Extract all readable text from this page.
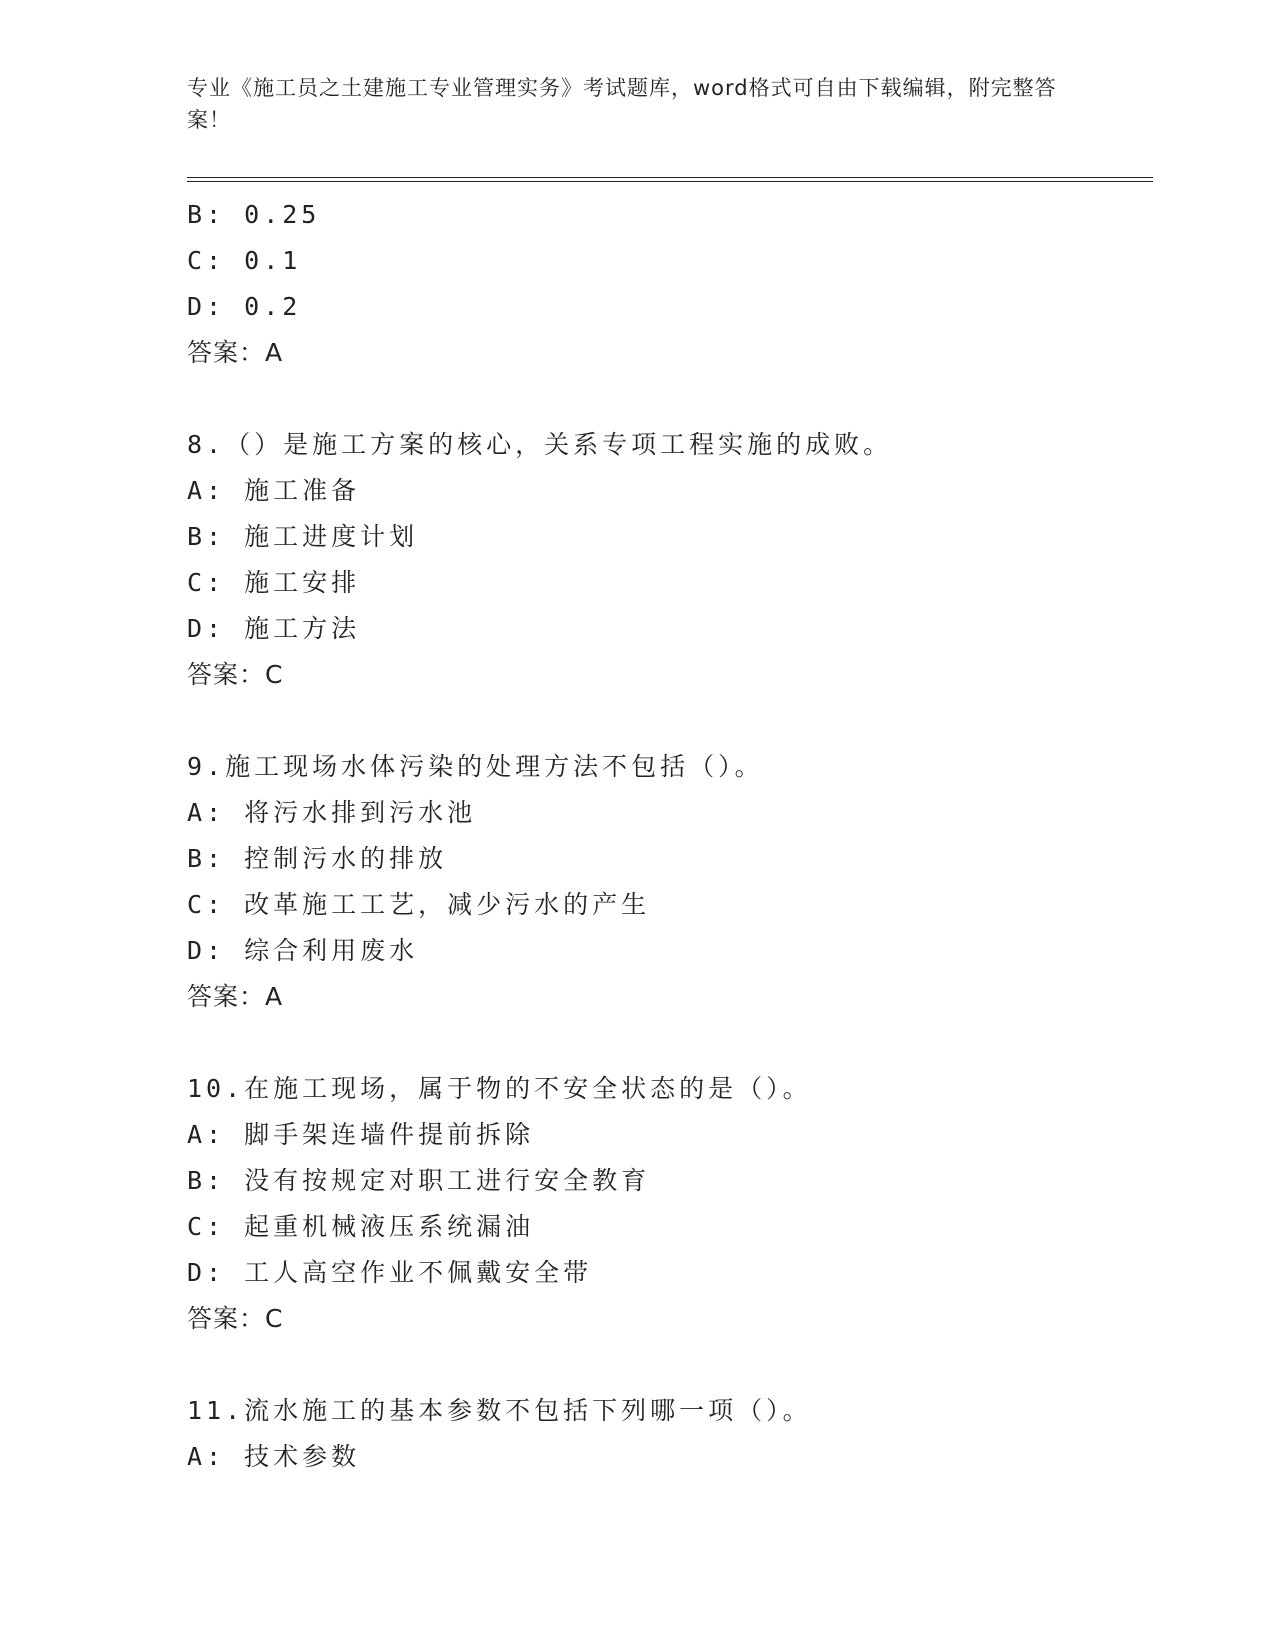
专业《施工员之土建施工专业管理实务》考试题库，word格式可自由下载编辑，附完整答案！
B: 0.25
C: 0.1
D: 0.2
答案：A
8.（）是施工方案的核心，关系专项工程实施的成败。
A: 施工准备
B: 施工进度计划
C: 施工安排
D: 施工方法
答案：C
9.施工现场水体污染的处理方法不包括（）。
A: 将污水排到污水池
B: 控制污水的排放
C: 改革施工工艺，减少污水的产生
D: 综合利用废水
答案：A
10.在施工现场，属于物的不安全状态的是（）。
A: 脚手架连墙件提前拆除
B: 没有按规定对职工进行安全教育
C: 起重机械液压系统漏油
D: 工人高空作业不佩戴安全带
答案：C
11.流水施工的基本参数不包括下列哪一项（）。
A: 技术参数
